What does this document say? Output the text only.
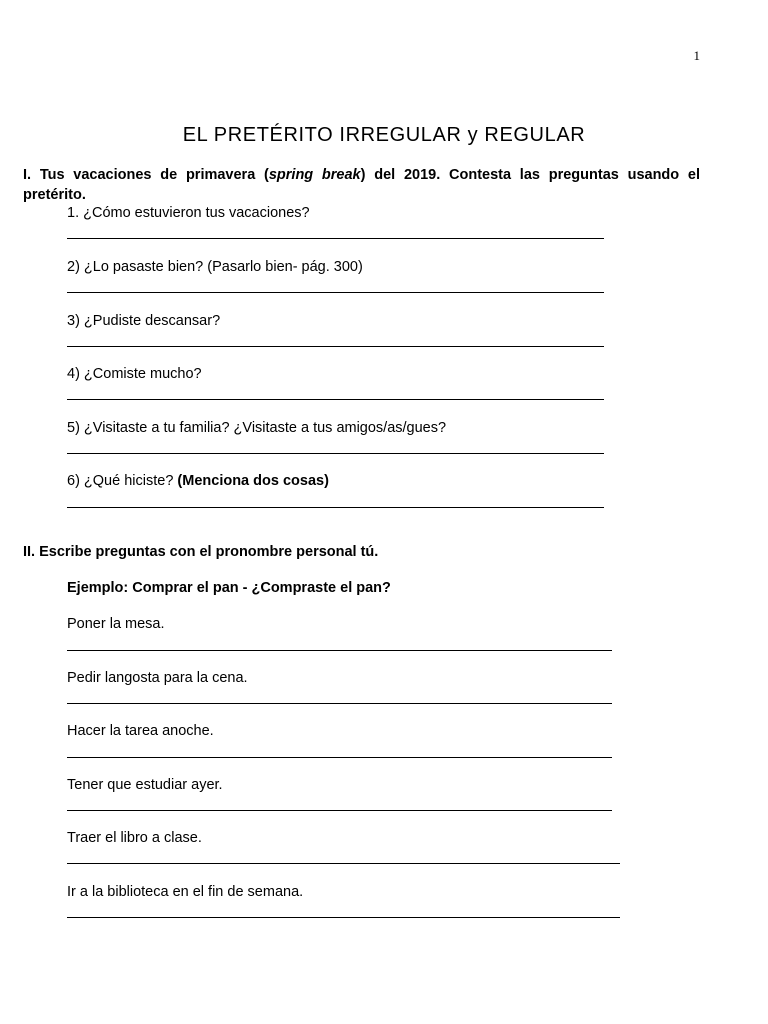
1
EL PRETÉRITO IRREGULAR y REGULAR

I. Tus vacaciones de primavera (spring break) del 2019. Contesta las preguntas usando el pretérito.

1. ¿Cómo estuvieron tus vacaciones?
2) ¿Lo pasaste bien? (Pasarlo bien- pág. 300)
3) ¿Pudiste descansar?
4) ¿Comiste mucho?
5) ¿Visitaste a tu familia? ¿Visitaste a tus amigos/as/gues?
6) ¿Qué hiciste? (Menciona dos cosas)

II. Escribe preguntas con el pronombre personal tú.

Ejemplo: Comprar el pan - ¿Compraste el pan?
Poner la mesa.
Pedir langosta para la cena.
Hacer la tarea anoche.
Tener que estudiar ayer.
Traer el libro a clase.
Ir a la biblioteca en el fin de semana.
